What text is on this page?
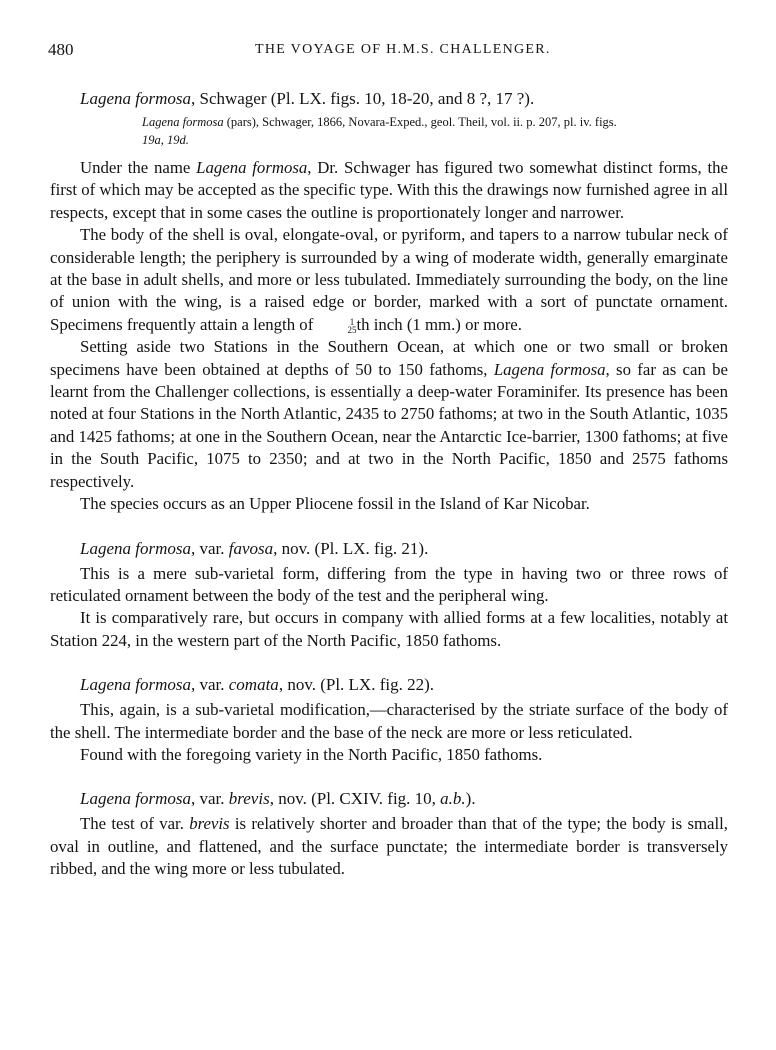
480	THE VOYAGE OF H.M.S. CHALLENGER.

Lagena formosa, Schwager (Pl. LX. figs. 10, 18-20, and 8 ?, 17 ?).

Lagena formosa (pars), Schwager, 1866, Novara-Exped., geol. Theil, vol. ii. p. 207, pl. iv. figs.
19a, 19d.

Under the name Lagena formosa, Dr. Schwager has figured two somewhat distinct forms, the first of which may be accepted as the specific type. With this the drawings now furnished agree in all respects, except that in some cases the outline is proportionately longer and narrower.

The body of the shell is oval, elongate-oval, or pyriform, and tapers to a narrow tubular neck of considerable length; the periphery is surrounded by a wing of moderate width, generally emarginate at the base in adult shells, and more or less tubulated. Immediately surrounding the body, on the line of union with the wing, is a raised edge or border, marked with a sort of punctate ornament. Specimens frequently attain a length of	1
25 th inch (1 mm.) or more.

Setting aside two Stations in the Southern Ocean, at which one or two small or broken specimens have been obtained at depths of 50 to 150 fathoms, Lagena formosa, so far as can be learnt from the Challenger collections, is essentially a deep-water Foraminifer. Its presence has been noted at four Stations in the North Atlantic, 2435 to 2750 fathoms; at two in the South Atlantic, 1035 and 1425 fathoms; at one in the Southern Ocean, near the Antarctic Ice-barrier, 1300 fathoms; at five in the South Pacific, 1075 to 2350; and at two in the North Pacific, 1850 and 2575 fathoms respectively.

The species occurs as an Upper Pliocene fossil in the Island of Kar Nicobar.

Lagena formosa, var. favosa, nov. (Pl. LX. fig. 21).

This is a mere sub-varietal form, differing from the type in having two or three rows of reticulated ornament between the body of the test and the peripheral wing.

It is comparatively rare, but occurs in company with allied forms at a few localities, notably at Station 224, in the western part of the North Pacific, 1850 fathoms.

Lagena formosa, var. comata, nov. (Pl. LX. fig. 22).

This, again, is a sub-varietal modification,—characterised by the striate surface of the body of the shell. The intermediate border and the base of the neck are more or less reticulated.

Found with the foregoing variety in the North Pacific, 1850 fathoms.

Lagena formosa, var. brevis, nov. (Pl. CXIV. fig. 10, a.b.).

The test of var. brevis is relatively shorter and broader than that of the type; the body is small, oval in outline, and flattened, and the surface punctate; the intermediate border is transversely ribbed, and the wing more or less tubulated.
